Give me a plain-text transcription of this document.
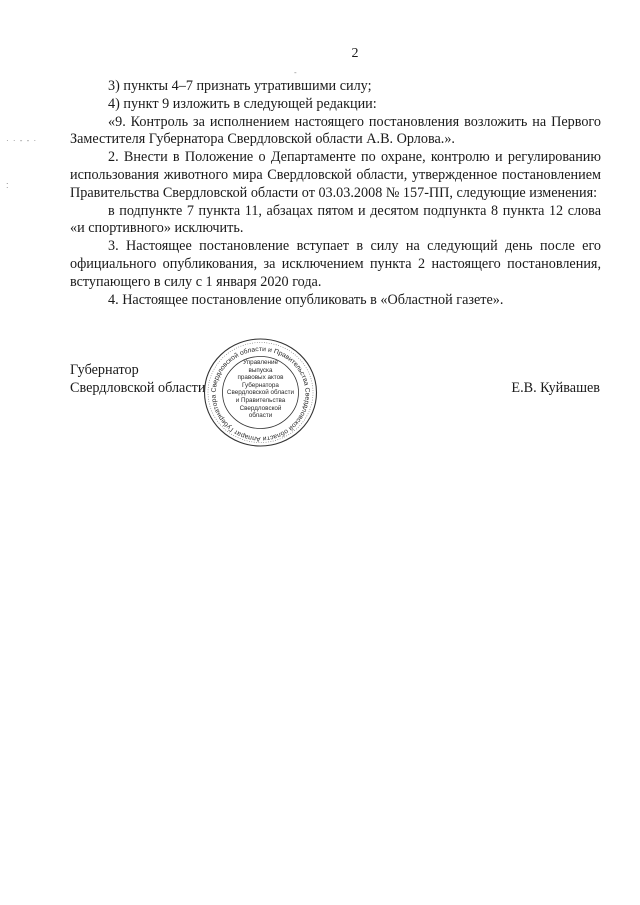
2
· · - - ·
:
-

3) пункты 4–7 признать утратившими силу;

4) пункт 9 изложить в следующей редакции:

«9. Контроль за исполнением настоящего постановления возложить на Первого Заместителя Губернатора Свердловской области А.В. Орлова.».

2. Внести в Положение о Департаменте по охране, контролю и регулированию использования животного мира Свердловской области, утвержденное постановлением Правительства Свердловской области от 03.03.2008 № 157-ПП, следующие изменения:

в подпункте 7 пункта 11, абзацах пятом и десятом подпункта 8 пункта 12 слова «и спортивного» исключить.

3. Настоящее постановление вступает в силу на следующий день после его официального опубликования, за исключением пункта 2 настоящего постановления, вступающего в силу с 1 января 2020 года.

4. Настоящее постановление опубликовать в «Областной газете».

Губернатор
Свердловской области	Е.В. Куйвашев
Аппарат Губернатора Свердловской области и Правительства Свердловской области
Управление
выпуска
правовых актов
Губернатора
Свердловской области
и Правительства
Свердловской
области
